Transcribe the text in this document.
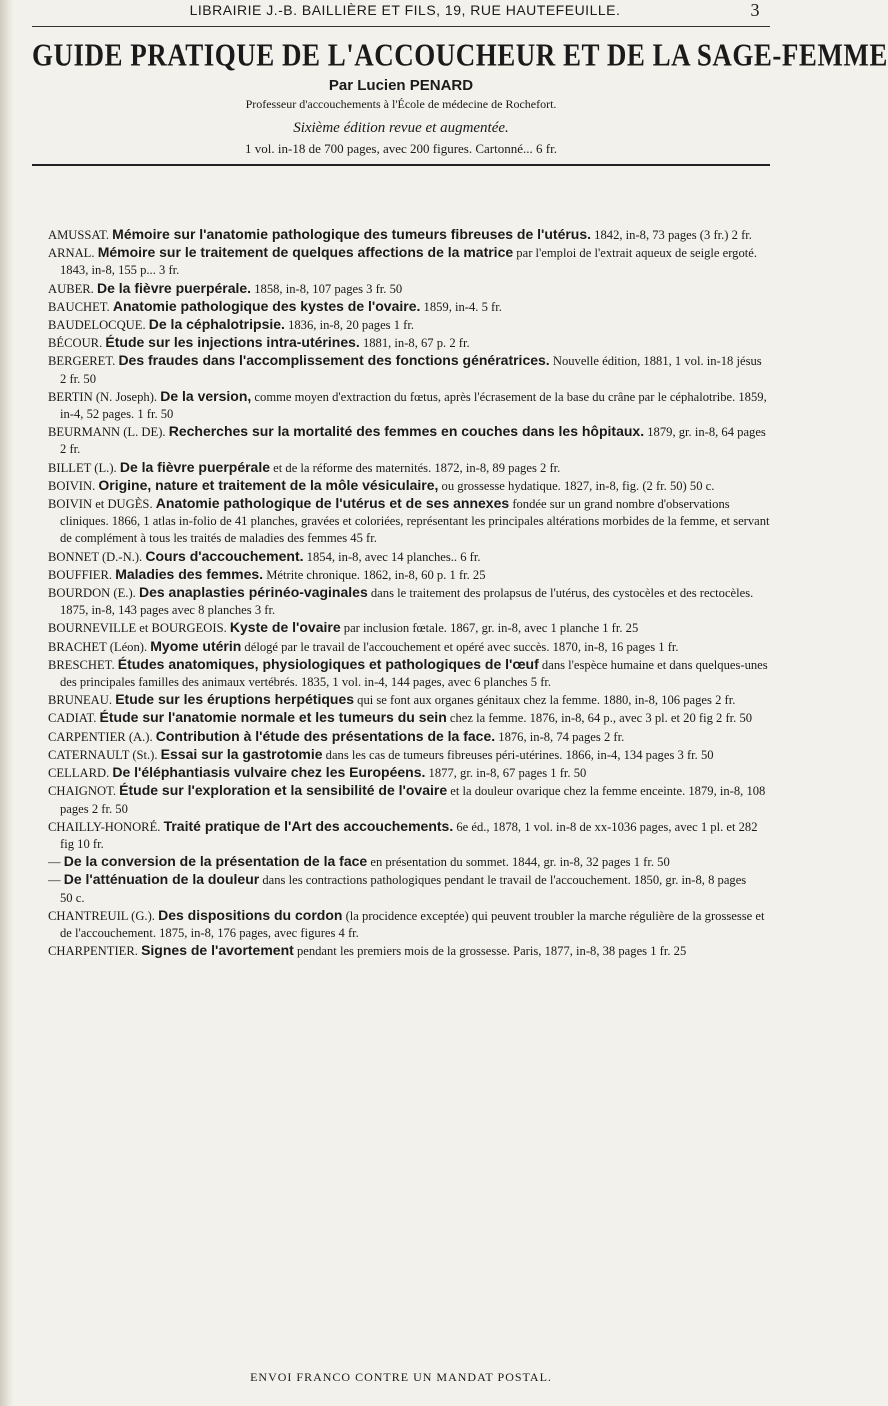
LIBRAIRIE J.-B. BAILLIÈRE ET FILS, 19, RUE HAUTEFEUILLE.	3
GUIDE PRATIQUE DE L'ACCOUCHEUR ET DE LA SAGE-FEMME
Par Lucien PENARD
Professeur d'accouchements à l'École de médecine de Rochefort.
Sixième édition revue et augmentée.
1 vol. in-18 de 700 pages, avec 200 figures. Cartonné... 6 fr.

AMUSSAT. Mémoire sur l'anatomie pathologique des tumeurs fibreuses de l'utérus. 1842, in-8, 73 pages (3 fr.) 2 fr.

ARNAL. Mémoire sur le traitement de quelques affections de la matrice par l'emploi de l'extrait aqueux de seigle ergoté. 1843, in-8, 155 p... 3 fr.

AUBER. De la fièvre puerpérale. 1858, in-8, 107 pages 3 fr. 50

BAUCHET. Anatomie pathologique des kystes de l'ovaire. 1859, in-4. 5 fr.

BAUDELOCQUE. De la céphalotripsie. 1836, in-8, 20 pages 1 fr.

BÉCOUR. Étude sur les injections intra-utérines. 1881, in-8, 67 p. 2 fr.

BERGERET. Des fraudes dans l'accomplissement des fonctions génératrices. Nouvelle édition, 1881, 1 vol. in-18 jésus 2 fr. 50

BERTIN (N. Joseph). De la version, comme moyen d'extraction du fœtus, après l'écrasement de la base du crâne par le céphalotribe. 1859, in-4, 52 pages. 1 fr. 50

BEURMANN (L. DE). Recherches sur la mortalité des femmes en couches dans les hôpitaux. 1879, gr. in-8, 64 pages 2 fr.

BILLET (L.). De la fièvre puerpérale et de la réforme des maternités. 1872, in-8, 89 pages 2 fr.

BOIVIN. Origine, nature et traitement de la môle vésiculaire, ou grossesse hydatique. 1827, in-8, fig. (2 fr. 50) 50 c.

BOIVIN et DUGÈS. Anatomie pathologique de l'utérus et de ses annexes fondée sur un grand nombre d'observations cliniques. 1866, 1 atlas in-folio de 41 planches, gravées et coloriées, représentant les principales altérations morbides de la femme, et servant de complément à tous les traités de maladies des femmes 45 fr.

BONNET (D.-N.). Cours d'accouchement. 1854, in-8, avec 14 planches.. 6 fr.

BOUFFIER. Maladies des femmes. Métrite chronique. 1862, in-8, 60 p. 1 fr. 25

BOURDON (E.). Des anaplasties périnéo-vaginales dans le traitement des prolapsus de l'utérus, des cystocèles et des rectocèles. 1875, in-8, 143 pages avec 8 planches 3 fr.

BOURNEVILLE et BOURGEOIS. Kyste de l'ovaire par inclusion fœtale. 1867, gr. in-8, avec 1 planche 1 fr. 25

BRACHET (Léon). Myome utérin délogé par le travail de l'accouchement et opéré avec succès. 1870, in-8, 16 pages 1 fr.

BRESCHET. Études anatomiques, physiologiques et pathologiques de l'œuf dans l'espèce humaine et dans quelques-unes des principales familles des animaux vertébrés. 1835, 1 vol. in-4, 144 pages, avec 6 planches 5 fr.

BRUNEAU. Etude sur les éruptions herpétiques qui se font aux organes génitaux chez la femme. 1880, in-8, 106 pages 2 fr.

CADIAT. Étude sur l'anatomie normale et les tumeurs du sein chez la femme. 1876, in-8, 64 p., avec 3 pl. et 20 fig 2 fr. 50

CARPENTIER (A.). Contribution à l'étude des présentations de la face. 1876, in-8, 74 pages 2 fr.

CATERNAULT (St.). Essai sur la gastrotomie dans les cas de tumeurs fibreuses péri-utérines. 1866, in-4, 134 pages 3 fr. 50

CELLARD. De l'éléphantiasis vulvaire chez les Européens. 1877, gr. in-8, 67 pages 1 fr. 50

CHAIGNOT. Étude sur l'exploration et la sensibilité de l'ovaire et la douleur ovarique chez la femme enceinte. 1879, in-8, 108 pages 2 fr. 50

CHAILLY-HONORÉ. Traité pratique de l'Art des accouchements. 6e éd., 1878, 1 vol. in-8 de xx-1036 pages, avec 1 pl. et 282 fig 10 fr.

— De la conversion de la présentation de la face en présentation du sommet. 1844, gr. in-8, 32 pages 1 fr. 50

— De l'atténuation de la douleur dans les contractions pathologiques pendant le travail de l'accouchement. 1850, gr. in-8, 8 pages 50 c.

CHANTREUIL (G.). Des dispositions du cordon (la procidence exceptée) qui peuvent troubler la marche régulière de la grossesse et de l'accouchement. 1875, in-8, 176 pages, avec figures 4 fr.

CHARPENTIER. Signes de l'avortement pendant les premiers mois de la grossesse. Paris, 1877, in-8, 38 pages 1 fr. 25

ENVOI FRANCO CONTRE UN MANDAT POSTAL.
